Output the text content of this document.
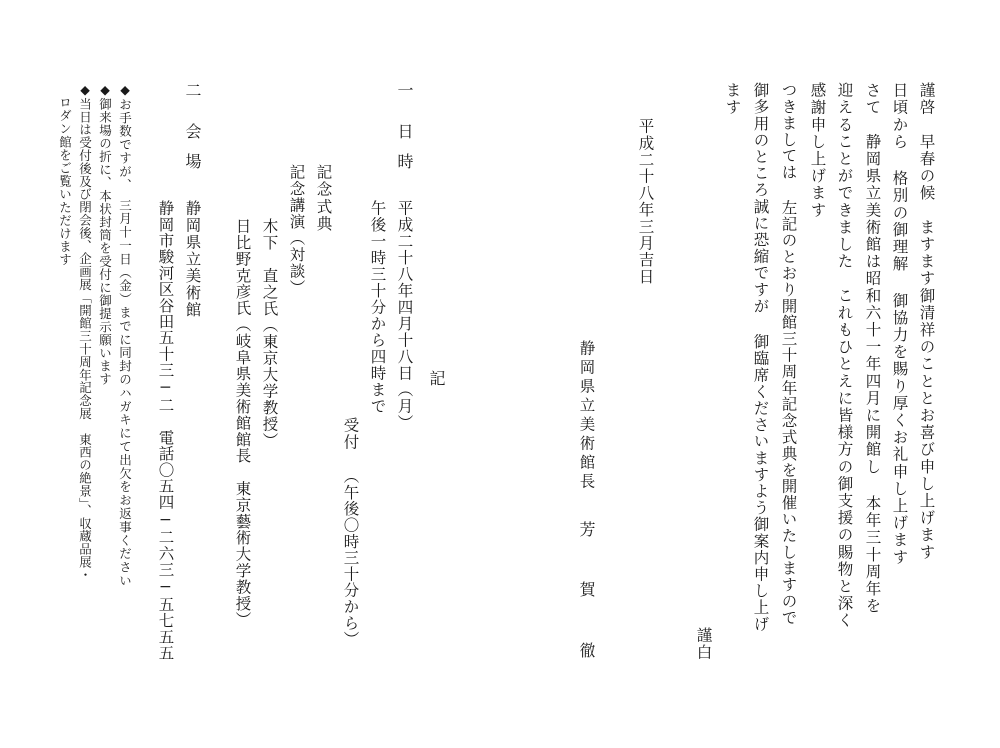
謹啓　早春の候　ますます御清祥のこととお喜び申し上げます

日頃から 格別の御理解 御協力を賜り厚くお礼申し上げます

さて　静岡県立美術館は昭和六十一年四月に開館し 本年三十周年を

迎えることができました　これもひとえに皆様方の御支援の賜物と深く

感謝申し上げます

つきましては 左記のとおり開館三十周年記念式典を開催いたしますので

御多用のところ誠に恐縮ですが 御臨席くださいますよう御案内申し上げ

ます

謹白

平成二十八年三月吉日

静岡県立美術館長

芳

賀

徹

記

一

日

時

平成二十八年四月十八日（月）

午後一時三十分から四時まで

受付

（午後〇時三十分から）

記念式典

記念講演（対談）

木下　直之氏（東京大学教授）

日比野克彦氏（岐阜県美術館館長　東京藝術大学教授）

二

会

場

静岡県立美術館

静岡市駿河区谷田五十三−二　電話〇五四−二六三−五七五五

◆お手数ですが、　三月十一日（金）までに同封のハガキにて出欠をお返事ください

◆御来場の折に、本状封筒を受付に御提示願います

◆当日は受付後及び閉会後、企画展「開館三十周年記念展　東西の絶景」、収蔵品展・

ロダン館をご覧いただけます
